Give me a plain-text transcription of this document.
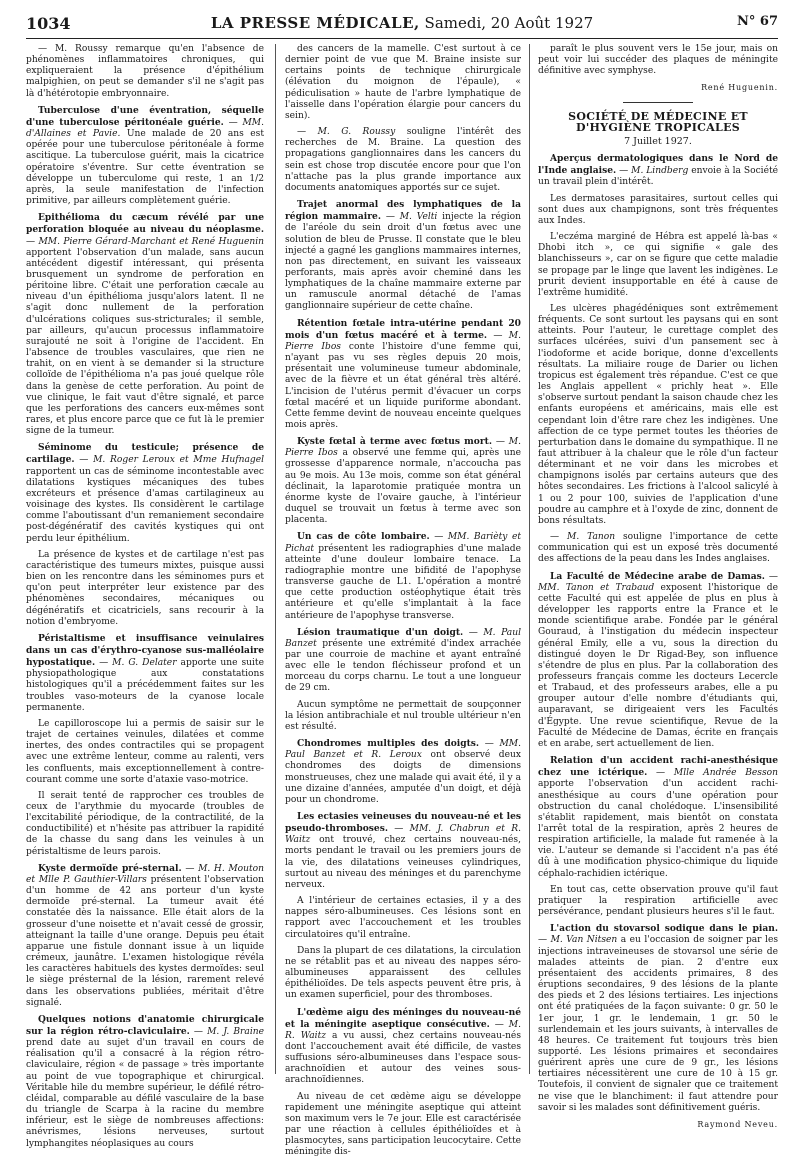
1034	LA PRESSE MÉDICALE, Samedi, 20 Août 1927	N° 67

— M. Roussy remarque qu'en l'absence de phénomènes inflammatoires chroniques, qui expliqueraient la présence d'épithélium malpighien, on peut se demander s'il ne s'agit pas là d'hétérotopie embryonnaire.

Tuberculose d'une éventration, séquelle d'une tuberculose péritonéale guérie. — MM. d'Allaines et Pavie. Une malade de 20 ans est opérée pour une tuberculose péritonéale à forme ascitique. La tuberculose guérit, mais la cicatrice opératoire s'éventre. Sur cette éventration se développe un tuberculome qui reste, 1 an 1/2 après, la seule manifestation de l'infection primitive, par ailleurs complètement guérie.

Epithélioma du cæcum révélé par une perforation bloquée au niveau du néoplasme. — MM. Pierre Gérard-Marchant et René Huguenin apportent l'observation d'un malade, sans aucun antécédent digestif intéressant, qui présenta brusquement un syndrome de perforation en péritoine libre. C'était une perforation cæcale au niveau d'un épithélioma jusqu'alors latent. Il ne s'agit donc nullement de la perforation d'ulcérations coliques sus-stricturales; il semble, par ailleurs, qu'aucun processus inflammatoire surajouté ne soit à l'origine de l'accident. En l'absence de troubles vasculaires, que rien ne trahit, on en vient à se demander si la structure colloïde de l'épithélioma n'a pas joué quelque rôle dans la genèse de cette perforation. Au point de vue clinique, le fait vaut d'être signalé, et parce que les perforations des cancers eux-mêmes sont rares, et plus encore parce que ce fut là le premier signe de la tumeur.

Séminome du testicule; présence de cartilage. — M. Roger Leroux et Mme Hufnagel rapportent un cas de séminome incontestable avec dilatations kystiques mécaniques des tubes excréteurs et présence d'amas cartilagineux au voisinage des kystes. Ils considèrent le cartilage comme l'aboutissant d'un remaniement secondaire post-dégénératif des cavités kystiques qui ont perdu leur épithélium.

La présence de kystes et de cartilage n'est pas caractéristique des tumeurs mixtes, puisque aussi bien on les rencontre dans les séminomes purs et qu'on peut interpréter leur existence par des phénomènes secondaires, mécaniques ou dégénératifs et cicatriciels, sans recourir à la notion d'embryome.

Péristaltisme et insuffisance veinulaires dans un cas d'érythro-cyanose sus-malléolaire hypostatique. — M. G. Delater apporte une suite physiopathologique aux constatations histologiques qu'il a précédemment faites sur les troubles vaso-moteurs de la cyanose locale permanente.

Le capilloroscope lui a permis de saisir sur le trajet de certaines veinules, dilatées et comme inertes, des ondes contractiles qui se propagent avec une extrême lenteur, comme au ralenti, vers les confluents, mais exceptionnellement à contre-courant comme une sorte d'ataxie vaso-motrice.

Il serait tenté de rapprocher ces troubles de ceux de l'arythmie du myocarde (troubles de l'excitabilité périodique, de la contractilité, de la conductibilité) et n'hésite pas attribuer la rapidité de la chasse du sang dans les veinules à un péristaltisme de leurs parois.

Kyste dermoïde pré-sternal. — M. H. Mouton et Mlle P. Gauthier-Villars présentent l'observation d'un homme de 42 ans porteur d'un kyste dermoïde pré-sternal. La tumeur avait été constatée dès la naissance. Elle était alors de la grosseur d'une noisette et n'avait cessé de grossir, atteignant la taille d'une orange. Depuis peu était apparue une fistule donnant issue à un liquide crémeux, jaunâtre. L'examen histologique révéla les caractères habituels des kystes dermoïdes: seul le siège présternal de la lésion, rarement relevé dans les observations publiées, méritait d'être signalé.

Quelques notions d'anatomie chirurgicale sur la région rétro-claviculaire. — M. J. Braine prend date au sujet d'un travail en cours de réalisation qu'il a consacré à la région rétro-claviculaire, région « de passage » très importante au point de vue topographique et chirurgical. Véritable hile du membre supérieur, le défilé rétro-cléidal, comparable au défilé vasculaire de la base du triangle de Scarpa à la racine du membre inférieur, est le siège de nombreuses affections: anévrismes, lésions nerveuses, surtout lymphangites néoplasiques au cours

des cancers de la mamelle. C'est surtout à ce dernier point de vue que M. Braine insiste sur certains points de technique chirurgicale (élévation du moignon de l'épaule), « pédiculisation » haute de l'arbre lymphatique de l'aisselle dans l'opération élargie pour cancers du sein).

— M. G. Roussy souligne l'intérêt des recherches de M. Braine. La question des propagations ganglionnaires dans les cancers du sein est chose trop discutée encore pour que l'on n'attache pas la plus grande importance aux documents anatomiques apportés sur ce sujet.

Trajet anormal des lymphatiques de la région mammaire. — M. Velti injecte la région de l'aréole du sein droit d'un fœtus avec une solution de bleu de Prusse. Il constate que le bleu injecté a gagné les ganglions mammaires internes, non pas directement, en suivant les vaisseaux perforants, mais après avoir cheminé dans les lymphatiques de la chaîne mammaire externe par un ramuscule anormal détaché de l'amas ganglionnaire supérieur de cette chaîne.

Rétention fœtale intra-utérine pendant 20 mois d'un fœtus macéré et à terme. — M. Pierre Ibos conte l'histoire d'une femme qui, n'ayant pas vu ses règles depuis 20 mois, présentait une volumineuse tumeur abdominale, avec de la fièvre et un état général très altéré. L'incision de l'utérus permit d'évacuer un corps fœtal macéré et un liquide puriforme abondant. Cette femme devint de nouveau enceinte quelques mois après.

Kyste fœtal à terme avec fœtus mort. — M. Pierre Ibos a observé une femme qui, après une grossesse d'apparence normale, n'accoucha pas au 9e mois. Au 13e mois, comme son état général déclinait, la laparotomie pratiquée montra un énorme kyste de l'ovaire gauche, à l'intérieur duquel se trouvait un fœtus à terme avec son placenta.

Un cas de côte lombaire. — MM. Barièty et Pichat présentent les radiographies d'une malade atteinte d'une douleur lombaire tenace. La radiographie montre une bifidité de l'apophyse transverse gauche de L1. L'opération a montré que cette production ostéophytique était très antérieure et qu'elle s'implantait à la face antérieure de l'apophyse transverse.

Lésion traumatique d'un doigt. — M. Paul Banzet présente une extrémité d'index arrachée par une courroie de machine et ayant entraîné avec elle le tendon fléchisseur profond et un morceau du corps charnu. Le tout a une longueur de 29 cm.

Aucun symptôme ne permettait de soupçonner la lésion antibrachiale et nul trouble ultérieur n'en est résulté.

Chondromes multiples des doigts. — MM. Paul Banzet et R. Leroux ont observé deux chondromes des doigts de dimensions monstrueuses, chez une malade qui avait été, il y a une dizaine d'années, amputée d'un doigt, et déjà pour un chondrome.

Les ectasies veineuses du nouveau-né et les pseudo-thromboses. — MM. J. Chabrun et R. Waitz ont trouvé, chez certains nouveau-nés, morts pendant le travail ou les premiers jours de la vie, des dilatations veineuses cylindriques, surtout au niveau des méninges et du parenchyme nerveux.

A l'intérieur de certaines ectasies, il y a des nappes séro-albumineuses. Ces lésions sont en rapport avec l'accouchement et les troubles circulatoires qu'il entraîne.

Dans la plupart de ces dilatations, la circulation ne se rétablit pas et au niveau des nappes séro-albumineuses apparaissent des cellules épithélioïdes. De tels aspects peuvent être pris, à un examen superficiel, pour des thromboses.

L'œdème aigu des méninges du nouveau-né et la méningite aseptique consécutive. — M. R. Waitz a vu aussi, chez certains nouveau-nés dont l'accouchement avait été difficile, de vastes suffusions séro-albumineuses dans l'espace sous-arachnoïdien et autour des veines sous-arachnoïdiennes.

Au niveau de cet œdème aigu se développe rapidement une méningite aseptique qui atteint son maximum vers le 7e jour. Elle est caractérisée par une réaction à cellules épithélioïdes et à plasmocytes, sans participation leucocytaire. Cette méningite dis-

paraît le plus souvent vers le 15e jour, mais on peut voir lui succéder des plaques de méningite définitive avec symphyse.

René Huguenin.

SOCIÉTÉ DE MÉDECINE ET D'HYGIÈNE TROPICALES
7 Juillet 1927.

Aperçus dermatologiques dans le Nord de l'Inde anglaise. — M. Lindberg envoie à la Société un travail plein d'intérêt.

Les dermatoses parasitaires, surtout celles qui sont dues aux champignons, sont très fréquentes aux Indes.

L'eczéma marginé de Hébra est appelé là-bas « Dhobi itch », ce qui signifie « gale des blanchisseurs », car on se figure que cette maladie se propage par le linge que lavent les indigènes. Le prurit devient insupportable en été à cause de l'extrême humidité.

Les ulcères phagédéniques sont extrêmement fréquents. Ce sont surtout les paysans qui en sont atteints. Pour l'auteur, le curettage complet des surfaces ulcérées, suivi d'un pansement sec à l'iodoforme et acide borique, donne d'excellents résultats. La miliaire rouge de Darier ou lichen tropicus est également très répandue. C'est ce que les Anglais appellent « prichly heat ». Elle s'observe surtout pendant la saison chaude chez les enfants européens et américains, mais elle est cependant loin d'être rare chez les indigènes. Une affection de ce type permet toutes les théories de perturbation dans le domaine du sympathique. Il ne faut attribuer à la chaleur que le rôle d'un facteur déterminant et ne voir dans les microbes et champignons isolés par certains auteurs que des hôtes secondaires. Les frictions à l'alcool salicylé à 1 ou 2 pour 100, suivies de l'application d'une poudre au camphre et à l'oxyde de zinc, donnent de bons résultats.

— M. Tanon souligne l'importance de cette communication qui est un exposé très documenté des affections de la peau dans les Indes anglaises.

La Faculté de Médecine arabe de Damas. — MM. Tanon et Trabaud exposent l'historique de cette Faculté qui est appelée de plus en plus à développer les rapports entre la France et le monde scientifique arabe. Fondée par le général Gouraud, à l'instigation du médecin inspecteur général Emily, elle a vu, sous la direction du distingué doyen le Dr Rigad-Bey, son influence s'étendre de plus en plus. Par la collaboration des professeurs français comme les docteurs Lecercle et Trabaud, et des professeurs arabes, elle a pu grouper autour d'elle nombre d'étudiants qui, auparavant, se dirigeaient vers les Facultés d'Égypte. Une revue scientifique, Revue de la Faculté de Médecine de Damas, écrite en français et en arabe, sert actuellement de lien.

Relation d'un accident rachi-anesthésique chez une ictérique. — Mlle Andrée Besson apporte l'observation d'un accident rachi-anesthésique au cours d'une opération pour obstruction du canal cholédoque. L'insensibilité s'établit rapidement, mais bientôt on constata l'arrêt total de la respiration, après 2 heures de respiration artificielle, la malade fut ramenée à la vie. L'auteur se demande si l'accident n'a pas été dû à une modification physico-chimique du liquide céphalo-rachidien ictérique.

En tout cas, cette observation prouve qu'il faut pratiquer la respiration artificielle avec persévérance, pendant plusieurs heures s'il le faut.

L'action du stovarsol sodique dans le pian. — M. Van Nitsen a eu l'occasion de soigner par les injections intraveineuses de stovarsol une série de malades atteints de pian. 2 d'entre eux présentaient des accidents primaires, 8 des éruptions secondaires, 9 des lésions de la plante des pieds et 2 des lésions tertiaires. Les injections ont été pratiquées de la façon suivante: 0 gr. 50 le 1er jour, 1 gr. le lendemain, 1 gr. 50 le surlendemain et les jours suivants, à intervalles de 48 heures. Ce traitement fut toujours très bien supporté. Les lésions primaires et secondaires guérirent après une cure de 9 gr., les lésions tertiaires nécessitèrent une cure de 10 à 15 gr. Toutefois, il convient de signaler que ce traitement ne vise que le blanchiment: il faut attendre pour savoir si les malades sont définitivement guéris.

Raymond Neveu.
